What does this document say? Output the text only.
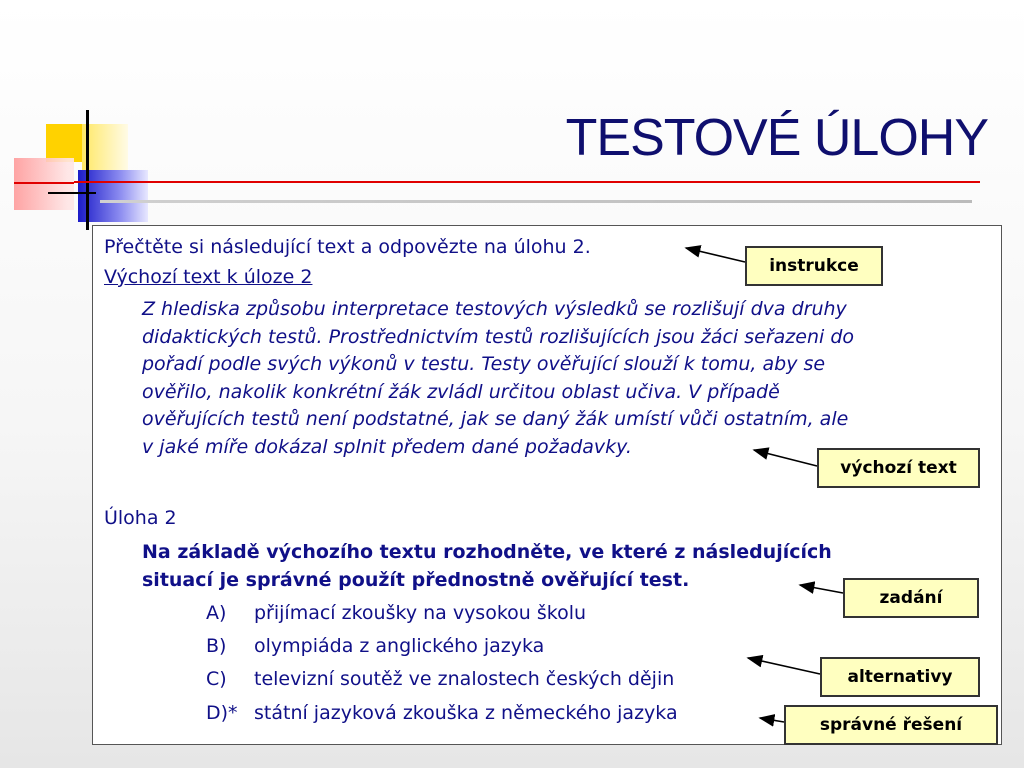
TESTOVÉ ÚLOHY
Přečtěte si následující text a odpovězte na úlohu 2.
Výchozí text k úloze 2

Z hlediska způsobu interpretace testových výsledků se rozlišují dva druhy
didaktických testů. Prostřednictvím testů rozlišujících jsou žáci seřazeni do
pořadí podle svých výkonů v testu. Testy ověřující slouží k tomu, aby se
ověřilo, nakolik konkrétní žák zvládl určitou oblast učiva. V případě
ověřujících testů není podstatné, jak se daný žák umístí vůči ostatním, ale
v jaké míře dokázal splnit předem dané požadavky.

Úloha 2

Na základě výchozího textu rozhodněte, ve které z následujících
situací je správné použít přednostně ověřující test.

A) přijímací zkoušky na vysokou školu
B) olympiáda z anglického jazyka
C) televizní soutěž ve znalostech českých dějin
D)* státní jazyková zkouška z německého jazyka
instrukce
výchozí text
zadání
alternativy
správné řešení
